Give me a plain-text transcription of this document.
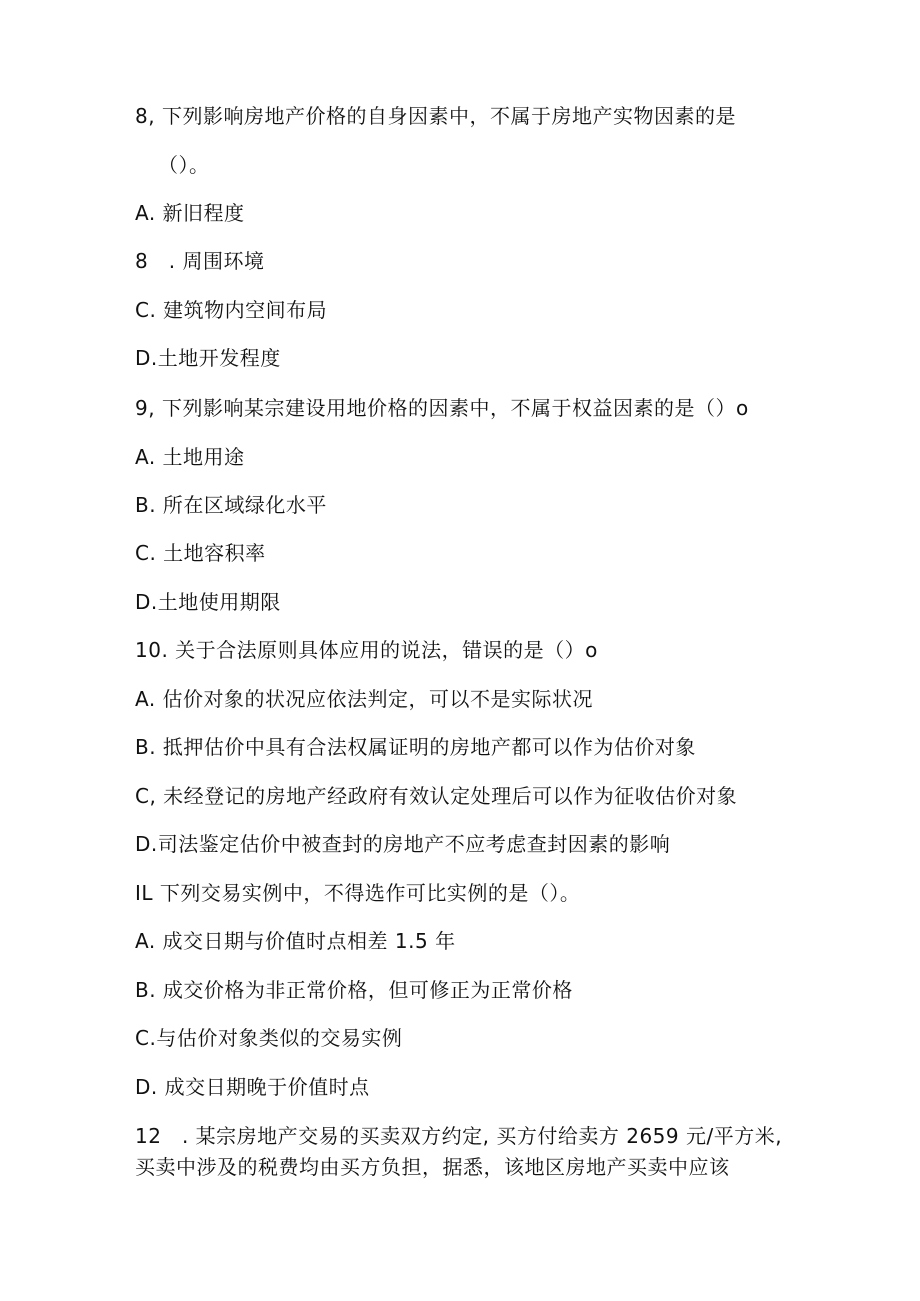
8, 下列影响房地产价格的自身因素中，不属于房地产实物因素的是
（）。
A. 新旧程度
8　. 周围环境
C. 建筑物内空间布局
D.土地开发程度
9, 下列影响某宗建设用地价格的因素中，不属于权益因素的是（）o
A. 土地用途
B. 所在区域绿化水平
C. 土地容积率
D.土地使用期限
10. 关于合法原则具体应用的说法，错误的是（）o
A. 估价对象的状况应依法判定，可以不是实际状况
B. 抵押估价中具有合法权属证明的房地产都可以作为估价对象
C, 未经登记的房地产经政府有效认定处理后可以作为征收估价对象
D.司法鉴定估价中被查封的房地产不应考虑查封因素的影响
IL 下列交易实例中，不得选作可比实例的是（）。
A. 成交日期与价值时点相差 1.5 年
B. 成交价格为非正常价格，但可修正为正常价格
C.与估价对象类似的交易实例
D. 成交日期晚于价值时点
12　. 某宗房地产交易的买卖双方约定, 买方付给卖方 2659 元/平方米,
买卖中涉及的税费均由买方负担，据悉，该地区房地产买卖中应该
